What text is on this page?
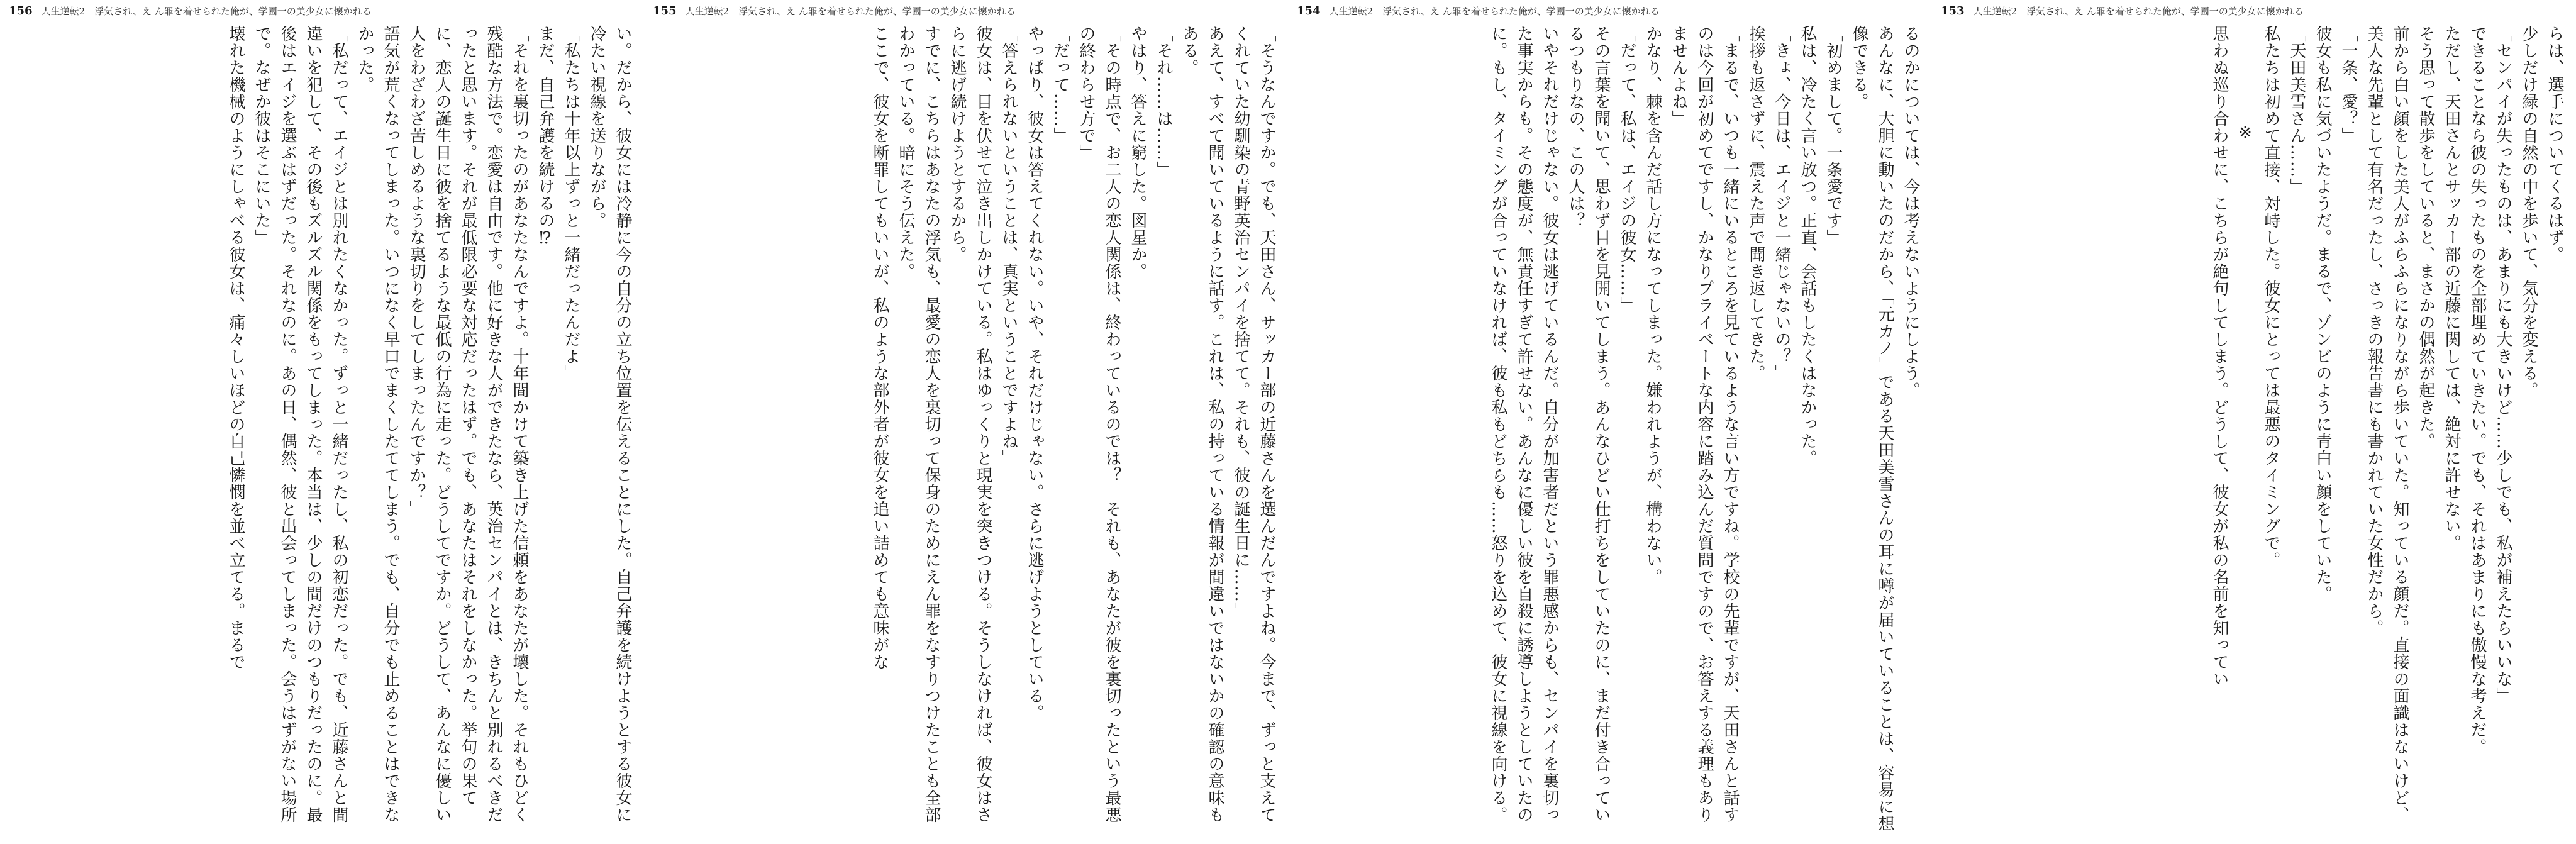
156 人生逆転2　浮気され、え ん罪を着せられた俺が、学園一の美少女に懐かれる

い。だから、彼女には冷静に今の自分の立ち位置を伝えることにした。自己弁護を続けようとする彼女に冷たい視線を送りながら。

「私たちは十年以上ずっと一緒だったんだよ」

まだ、自己弁護を続けるの⁉

「それを裏切ったのがあなたなんですよ。十年間かけて築き上げた信頼をあなたが壊した。それもひどく残酷な方法で。恋愛は自由です。他に好きな人ができたなら、英治センパイとは、きちんと別れるべきだったと思います。それが最低限必要な対応だったはず。でも、あなたはそれをしなかった。挙句の果てに、恋人の誕生日に彼を捨てるような最低の行為に走った。どうしてですか。どうして、あんなに優しい人をわざわざ苦しめるような裏切りをしてしまったんですか？」

語気が荒くなってしまった。いつになく早口でまくしたててしまう。でも、自分でも止めることはできなかった。

「私だって、エイジとは別れたくなかった。ずっと一緒だったし、私の初恋だった。でも、近藤さんと間違いを犯して、その後もズルズル関係をもってしまった。本当は、少しの間だけのつもりだったのに。最後はエイジを選ぶはずだった。それなのに。あの日、偶然、彼と出会ってしまった。会うはずがない場所で。なぜか彼はそこにいた」

壊れた機械のようにしゃべる彼女は、痛々しいほどの自己憐憫を並べ立てる。まるで

155 人生逆転2　浮気され、え ん罪を着せられた俺が、学園一の美少女に懐かれる

「そうなんですか。でも、天田さん、サッカー部の近藤さんを選んだんですよね。今まで、ずっと支えてくれていた幼馴染の青野英治センパイを捨てて。それも、彼の誕生日に……」

あえて、すべて聞いているように話す。これは、私の持っている情報が間違いではないかの確認の意味もある。

「それ……は……」

やはり、答えに窮した。図星か。

「その時点で、お二人の恋人関係は、終わっているのでは？　それも、あなたが彼を裏切ったという最悪の終わらせ方で」

「だって……」

やっぱり、彼女は答えてくれない。いや、それだけじゃない。さらに逃げようとしている。

「答えられないということは、真実ということですよね」

彼女は、目を伏せて泣き出しかけている。私はゆっくりと現実を突きつける。そうしなければ、彼女はさらに逃げ続けようとするから。

すでに、こちらはあなたの浮気も、最愛の恋人を裏切って保身のためにえん罪をなすりつけたことも全部わかっている。暗にそう伝えた。

ここで、彼女を断罪してもいいが、私のような部外者が彼女を追い詰めても意味がな

154 人生逆転2　浮気され、え ん罪を着せられた俺が、学園一の美少女に懐かれる

るのかについては、今は考えないようにしよう。

あんなに、大胆に動いたのだから、「元カノ」である天田美雪さんの耳に噂が届いていることは、容易に想像できる。

「初めまして。一条愛です」

私は、冷たく言い放つ。正直、会話もしたくはなかった。

「きょ、今日は、エイジと一緒じゃないの？」

挨拶も返さずに、震えた声で聞き返してきた。

「まるで、いつも一緒にいるところを見ているような言い方ですね。学校の先輩ですが、天田さんと話すのは今回が初めてですし、かなりプライベートな内容に踏み込んだ質問ですので、お答えする義理もありませんよね」

かなり、棘を含んだ話し方になってしまった。嫌われようが、構わない。

「だって、私は、エイジの彼女……」

その言葉を聞いて、思わず目を見開いてしまう。あんなひどい仕打ちをしていたのに、まだ付き合っているつもりなの、この人は？

いやそれだけじゃない。彼女は逃げているんだ。自分が加害者だという罪悪感からも、センパイを裏切った事実からも。その態度が、無責任すぎて許せない。あんなに優しい彼を自殺に誘導しようとしていたのに。もし、タイミングが合っていなければ、彼も私もどちらも……怒りを込めて、彼女に視線を向ける。

153 人生逆転2　浮気され、え ん罪を着せられた俺が、学園一の美少女に懐かれる

らは、選手についてくるはず。

少しだけ緑の自然の中を歩いて、気分を変える。

「センパイが失ったものは、あまりにも大きいけど……少しでも、私が補えたらいいな」

できることなら彼の失ったものを全部埋めていきたい。でも、それはあまりにも傲慢な考えだ。

ただし、天田さんとサッカー部の近藤に関しては、絶対に許せない。

そう思って散歩をしていると、まさかの偶然が起きた。

前から白い顔をした美人がふらふらになりながら歩いていた。知っている顔だ。直接の面識はないけど、美人な先輩として有名だったし、さっきの報告書にも書かれていた女性だから。

「一条、愛？」

彼女も私に気づいたようだ。まるで、ゾンビのように青白い顔をしていた。

「天田美雪さん……」

私たちは初めて直接、対峙した。彼女にとっては最悪のタイミングで。

※

思わぬ巡り合わせに、こちらが絶句してしまう。どうして、彼女が私の名前を知ってい
